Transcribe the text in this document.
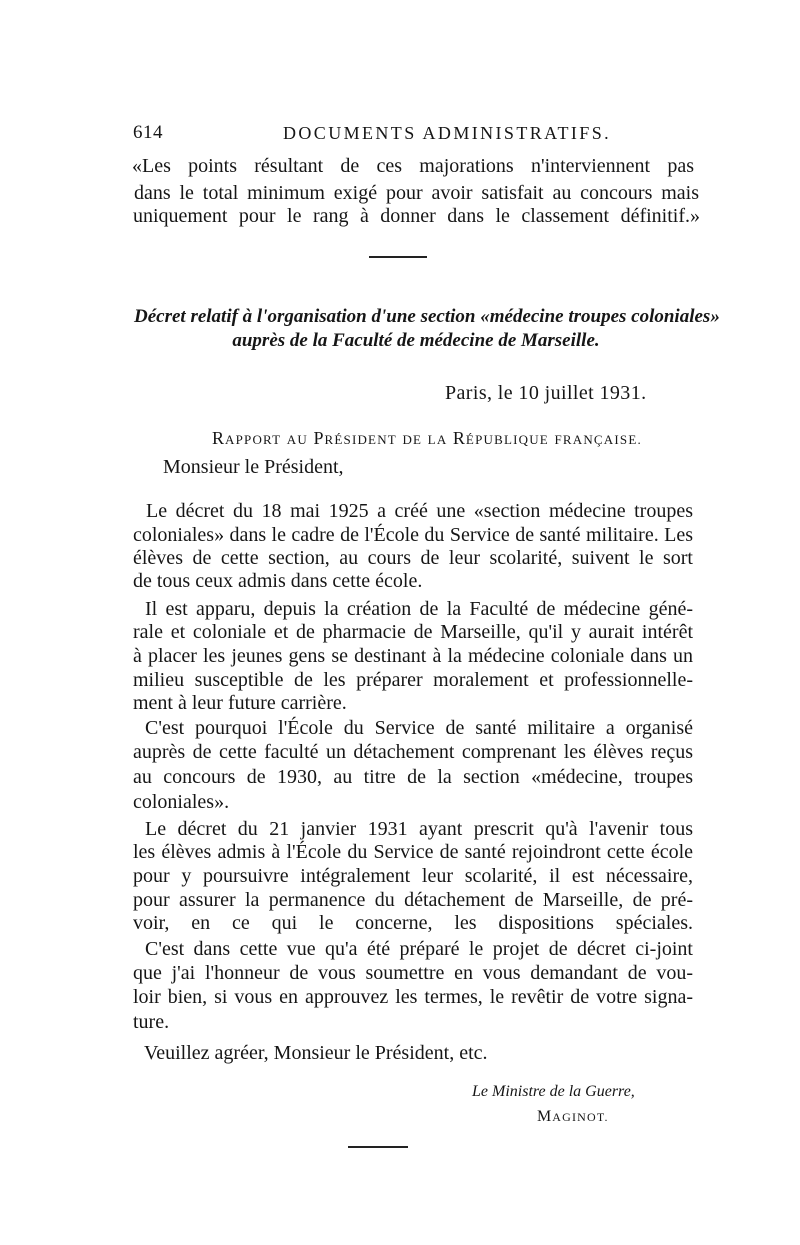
614	DOCUMENTS ADMINISTRATIFS.
«Les points résultant de ces majorations n'interviennent pas
dans le total minimum exigé pour avoir satisfait au concours mais
uniquement pour le rang à donner dans le classement définitif.»
Décret relatif à l'organisation d'une section «médecine troupes coloniales»
auprès de la Faculté de médecine de Marseille.
Paris, le 10 juillet 1931.
RAPPORT AU PRÉSIDENT DE LA RÉPUBLIQUE FRANÇAISE.
Monsieur le Président,
Le décret du 18 mai 1925 a créé une «section médecine troupes
coloniales» dans le cadre de l'École du Service de santé militaire. Les
élèves de cette section, au cours de leur scolarité, suivent le sort
de tous ceux admis dans cette école.
Il est apparu, depuis la création de la Faculté de médecine géné-
rale et coloniale et de pharmacie de Marseille, qu'il y aurait intérêt
à placer les jeunes gens se destinant à la médecine coloniale dans un
milieu susceptible de les préparer moralement et professionnelle-
ment à leur future carrière.
C'est pourquoi l'École du Service de santé militaire a organisé
auprès de cette faculté un détachement comprenant les élèves reçus
au concours de 1930, au titre de la section «médecine, troupes
coloniales».
Le décret du 21 janvier 1931 ayant prescrit qu'à l'avenir tous
les élèves admis à l'École du Service de santé rejoindront cette école
pour y poursuivre intégralement leur scolarité, il est nécessaire,
pour assurer la permanence du détachement de Marseille, de pré-
voir, en ce qui le concerne, les dispositions spéciales.
C'est dans cette vue qu'a été préparé le projet de décret ci-joint
que j'ai l'honneur de vous soumettre en vous demandant de vou-
loir bien, si vous en approuvez les termes, le revêtir de votre signa-
ture.
Veuillez agréer, Monsieur le Président, etc.
Le Ministre de la Guerre,
MAGINOT.
